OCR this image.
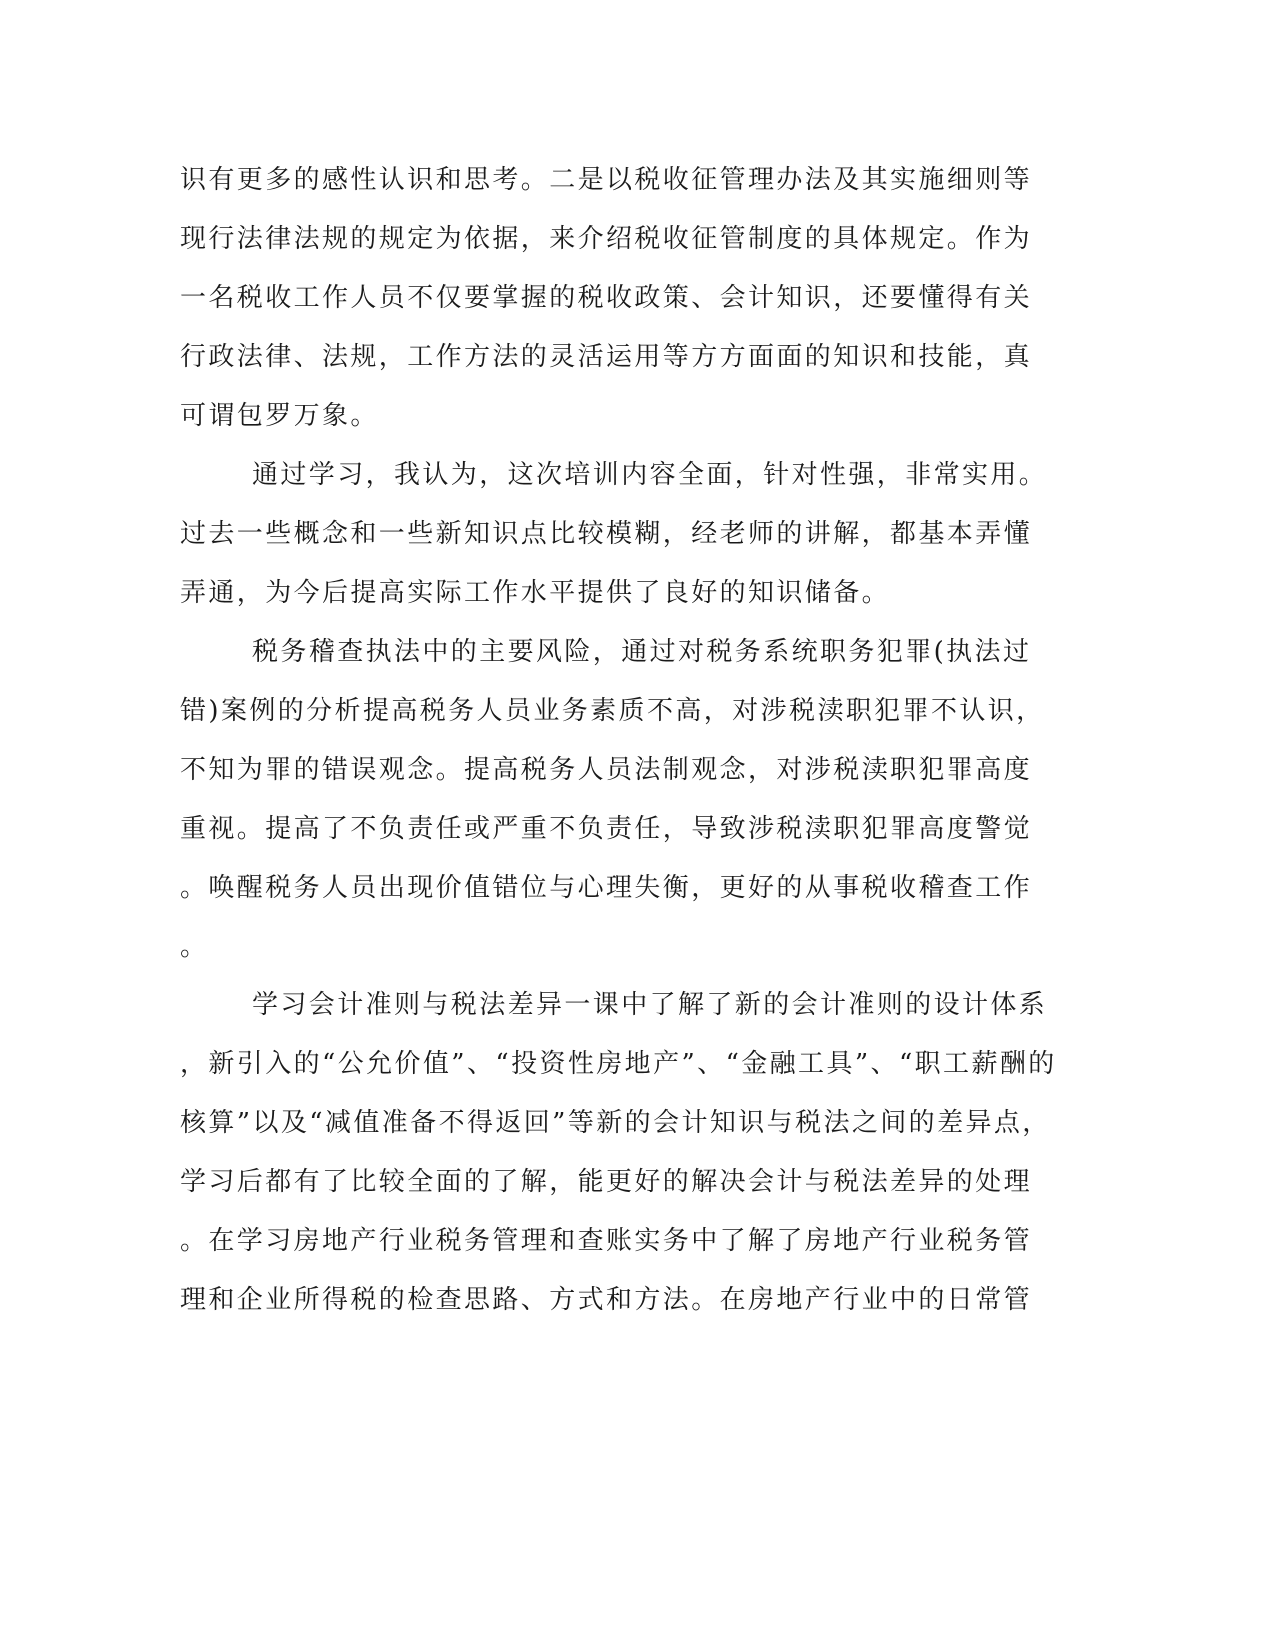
识有更多的感性认识和思考。二是以税收征管理办法及其实施细则等
现行法律法规的规定为依据，来介绍税收征管制度的具体规定。作为
一名税收工作人员不仅要掌握的税收政策、会计知识，还要懂得有关
行政法律、法规，工作方法的灵活运用等方方面面的知识和技能，真
可谓包罗万象。
通过学习，我认为，这次培训内容全面，针对性强，非常实用。
过去一些概念和一些新知识点比较模糊，经老师的讲解，都基本弄懂
弄通，为今后提高实际工作水平提供了良好的知识储备。
税务稽查执法中的主要风险，通过对税务系统职务犯罪(执法过
错)案例的分析提高税务人员业务素质不高，对涉税渎职犯罪不认识，
不知为罪的错误观念。提高税务人员法制观念，对涉税渎职犯罪高度
重视。提高了不负责任或严重不负责任，导致涉税渎职犯罪高度警觉
。唤醒税务人员出现价值错位与心理失衡，更好的从事税收稽查工作
。
学习会计准则与税法差异一课中了解了新的会计准则的设计体系
，新引入的“公允价值”、“投资性房地产”、“金融工具”、“职工薪酬的
核算”以及“减值准备不得返回”等新的会计知识与税法之间的差异点，
学习后都有了比较全面的了解，能更好的解决会计与税法差异的处理
。在学习房地产行业税务管理和查账实务中了解了房地产行业税务管
理和企业所得税的检查思路、方式和方法。在房地产行业中的日常管
